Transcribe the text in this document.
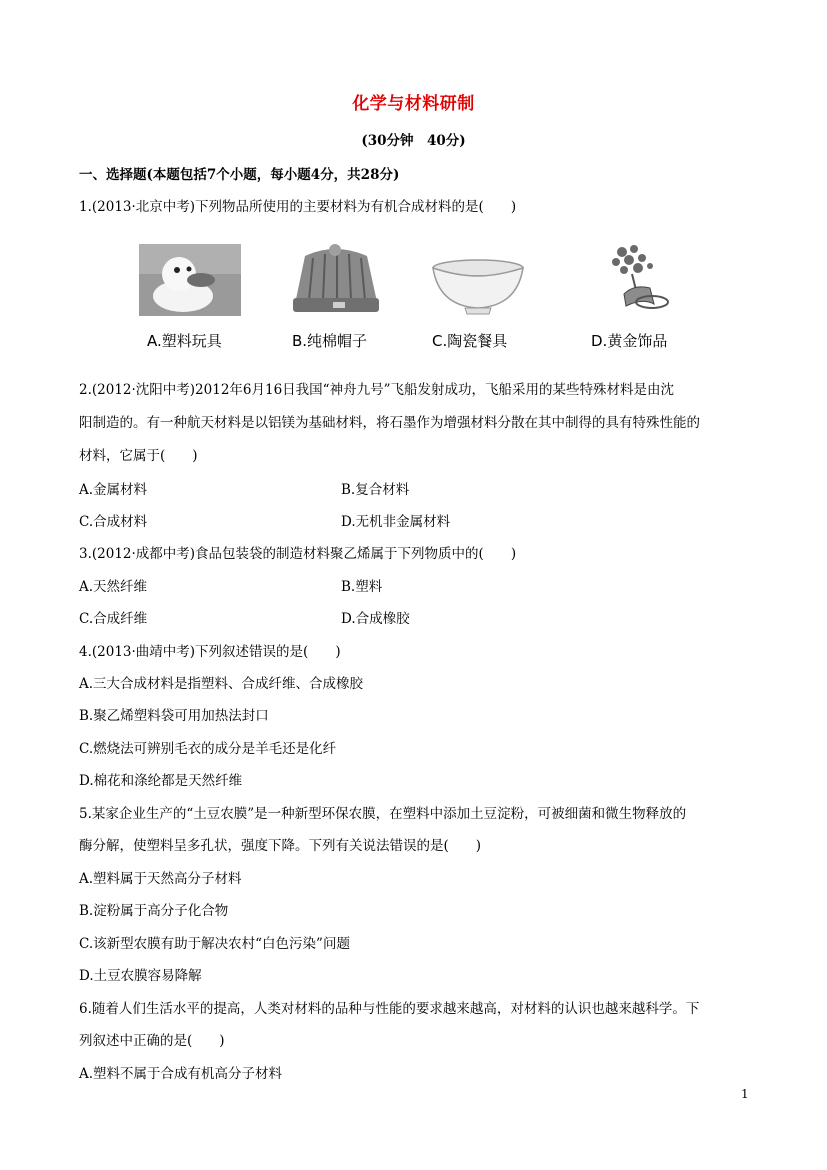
化学与材料研制
(30分钟　40分)
一、选择题(本题包括7个小题，每小题4分，共28分)
1.(2013·北京中考)下列物品所使用的主要材料为有机合成材料的是(　　)
A.塑料玩具	B.纯棉帽子	C.陶瓷餐具	D.黄金饰品
2.(2012·沈阳中考)2012年6月16日我国“神舟九号”飞船发射成功，飞船采用的某些特殊材料是由沈
阳制造的。有一种航天材料是以铝镁为基础材料，将石墨作为增强材料分散在其中制得的具有特殊性能的
材料，它属于(　　)
A.金属材料	B.复合材料
C.合成材料	D.无机非金属材料
3.(2012·成都中考)食品包装袋的制造材料聚乙烯属于下列物质中的(　　)
A.天然纤维	B.塑料
C.合成纤维	D.合成橡胶
4.(2013·曲靖中考)下列叙述错误的是(　　)
A.三大合成材料是指塑料、合成纤维、合成橡胶
B.聚乙烯塑料袋可用加热法封口
C.燃烧法可辨别毛衣的成分是羊毛还是化纤
D.棉花和涤纶都是天然纤维
5.某家企业生产的“土豆农膜”是一种新型环保农膜，在塑料中添加土豆淀粉，可被细菌和微生物释放的
酶分解，使塑料呈多孔状，强度下降。下列有关说法错误的是(　　)
A.塑料属于天然高分子材料
B.淀粉属于高分子化合物
C.该新型农膜有助于解决农村“白色污染”问题
D.土豆农膜容易降解
6.随着人们生活水平的提高，人类对材料的品种与性能的要求越来越高，对材料的认识也越来越科学。下
列叙述中正确的是(　　)
A.塑料不属于合成有机高分子材料
1
